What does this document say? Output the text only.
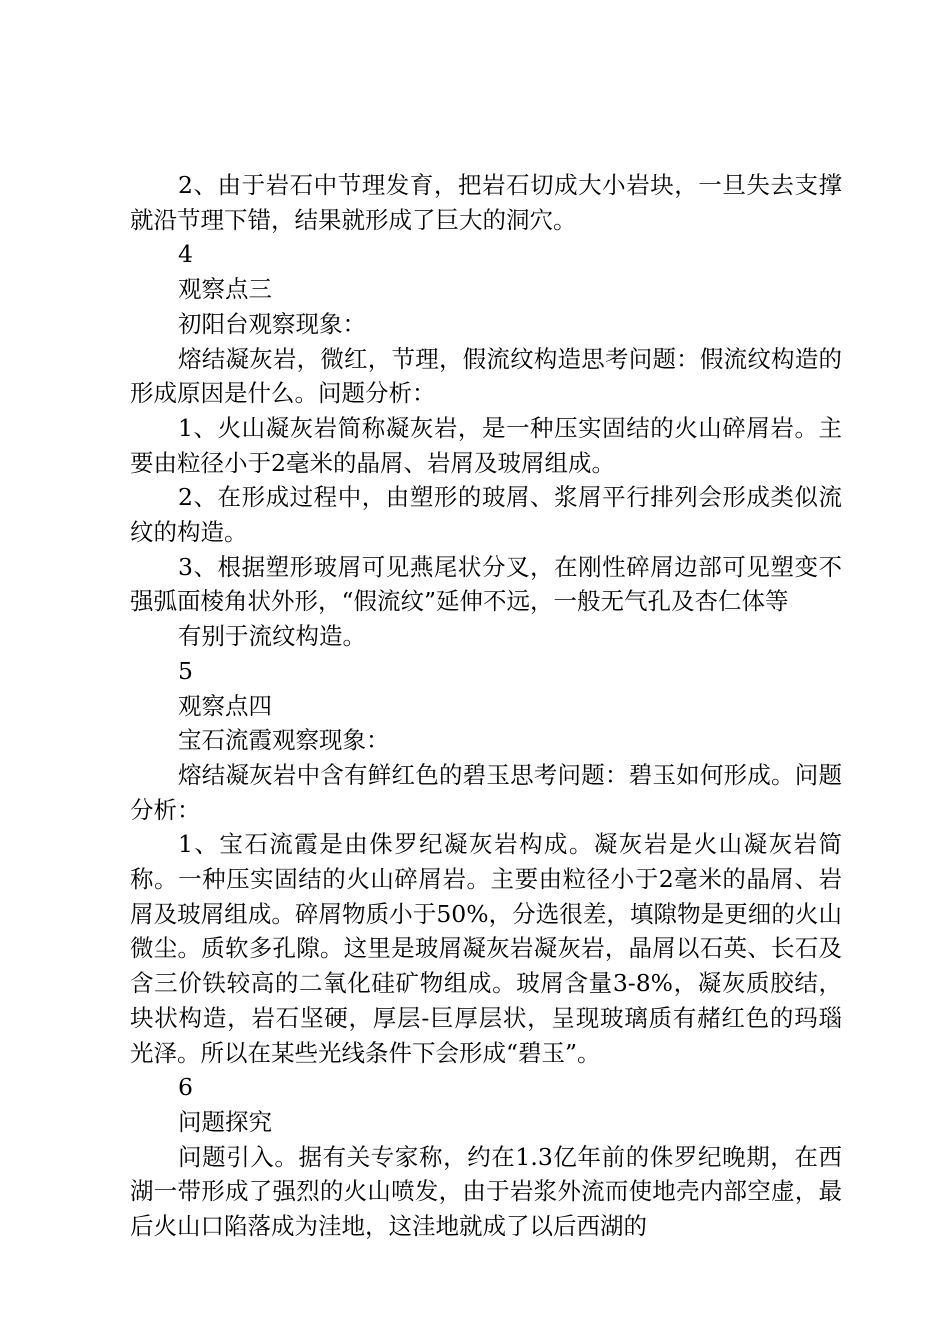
2、由于岩石中节理发育，把岩石切成大小岩块，一旦失去支撑就沿节理下错，结果就形成了巨大的洞穴。

4

观察点三

初阳台观察现象：

熔结凝灰岩，微红，节理，假流纹构造思考问题：假流纹构造的形成原因是什么。问题分析：

1、火山凝灰岩简称凝灰岩，是一种压实固结的火山碎屑岩。主要由粒径小于2毫米的晶屑、岩屑及玻屑组成。

2、在形成过程中，由塑形的玻屑、浆屑平行排列会形成类似流纹的构造。

3、根据塑形玻屑可见燕尾状分叉，在刚性碎屑边部可见塑变不强弧面棱角状外形，“假流纹”延伸不远，一般无气孔及杏仁体等

有别于流纹构造。

5

观察点四

宝石流霞观察现象：

熔结凝灰岩中含有鲜红色的碧玉思考问题：碧玉如何形成。问题分析：

1、宝石流霞是由侏罗纪凝灰岩构成。凝灰岩是火山凝灰岩简称。一种压实固结的火山碎屑岩。主要由粒径小于2毫米的晶屑、岩屑及玻屑组成。碎屑物质小于50%，分选很差，填隙物是更细的火山微尘。质软多孔隙。这里是玻屑凝灰岩凝灰岩，晶屑以石英、长石及含三价铁较高的二氧化硅矿物组成。玻屑含量3-8%，凝灰质胶结，块状构造，岩石坚硬，厚层-巨厚层状，呈现玻璃质有赭红色的玛瑙光泽。所以在某些光线条件下会形成“碧玉”。

6

问题探究

问题引入。据有关专家称，约在1.3亿年前的侏罗纪晚期，在西湖一带形成了强烈的火山喷发，由于岩浆外流而使地壳内部空虚，最后火山口陷落成为洼地，这洼地就成了以后西湖的
